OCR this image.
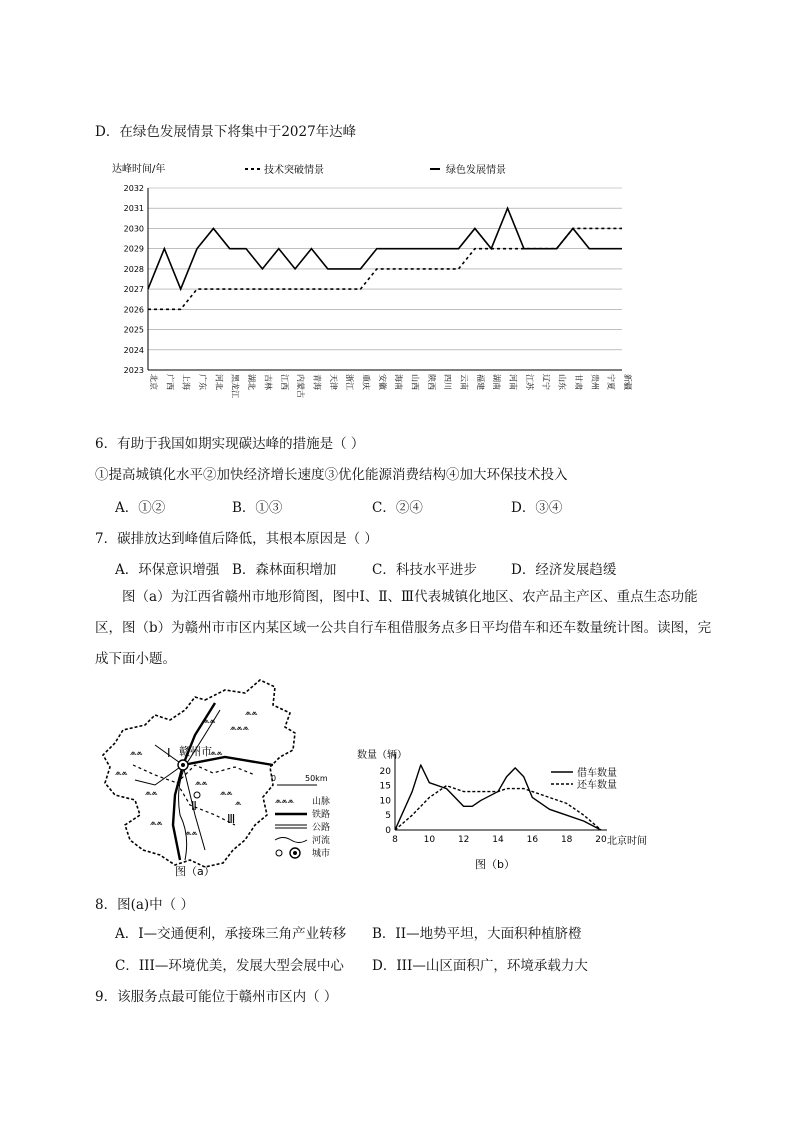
D．在绿色发展情景下将集中于2027年达峰
达峰时间/年	技术突破情景	绿色发展情景
2032
2031
2030
2029
2028
2027
2026
2025
2024
2023
北京 广西 上海 广东 河北 黑龙江 湖北 吉林 江西 内蒙古 青海 天津 浙江 重庆 安徽 海南 山西 陕西 四川 云南 福建 湖南 河南 江苏 辽宁 山东 甘肃 贵州 宁夏 新疆
6．有助于我国如期实现碳达峰的措施是（ ）
①提高城镇化水平②加快经济增长速度③优化能源消费结构④加大环保技术投入
A．①②	B．①③	C．②④	D．③④
7．碳排放达到峰值后降低，其根本原因是（ ）
A．环保意识增强 B．森林面积增加	C．科技水平进步	D．经济发展趋缓
图（a）为江西省赣州市地形简图，图中Ⅰ、Ⅱ、Ⅲ代表城镇化地区、农产品主产区、重点生态功能区，图（b）为赣州市市区内某区域一公共自行车租借服务点多日平均借车和还车数量统计图。读图，完成下面小题。
⩕⩕
⩕⩕⩕
⩕⩕
⩕⩕
⩕⩕
⩕⩕
⩕⩕
⩕⩕
⩕⩕
⩕⩕
⩕⩕
⩕
Ⅰ 赣州市
Ⅱ
Ⅲ
0	50km
⩕⩕⩕ 山脉
铁路
公路
河流
城市
图（a）
数量（辆）
借车数量
还车数量
北京时间
20
15
10
5
0
8	10	12	14	16	18	20
图（b）
8．图(a)中（ ）
A．I—交通便利，承接珠三角产业转移 B．II—地势平坦，大面积种植脐橙
C．III—环境优美，发展大型会展中心 D．III—山区面积广，环境承载力大
9．该服务点最可能位于赣州市区内（ ）
